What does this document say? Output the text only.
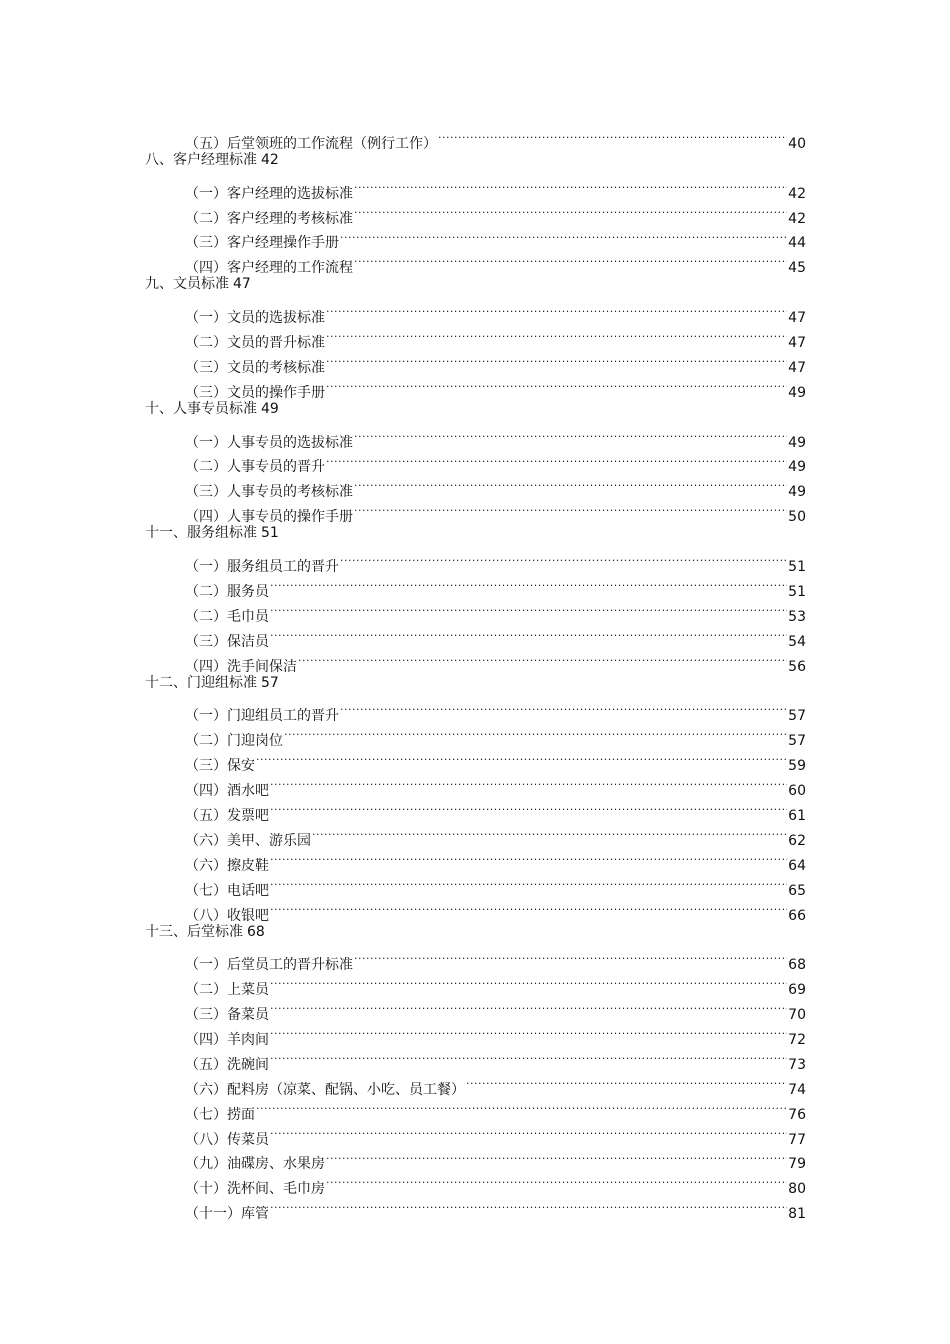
（五）后堂领班的工作流程（例行工作） .....	40
八、客户经理标准 42
（一）客户经理的选拔标准 .....	42
（二）客户经理的考核标准 .....	42
（三）客户经理操作手册 .....	44
（四）客户经理的工作流程 .....	45
九、文员标准 47
（一）文员的选拔标准 .....	47
（二）文员的晋升标准 .....	47
（三）文员的考核标准 .....	47
（三）文员的操作手册 .....	49
十、人事专员标准 49
（一）人事专员的选拔标准 .....	49
（二）人事专员的晋升 .....	49
（三）人事专员的考核标准 .....	49
（四）人事专员的操作手册 .....	50
十一、服务组标准 51
（一）服务组员工的晋升 .....	51
（二）服务员 .....	51
（二）毛巾员 .....	53
（三）保洁员 .....	54
（四）洗手间保洁 .....	56
十二、门迎组标准 57
（一）门迎组员工的晋升 .....	57
（二）门迎岗位 .....	57
（三）保安 .....	59
（四）酒水吧 .....	60
（五）发票吧 .....	61
（六）美甲、游乐园 .....	62
（六）擦皮鞋 .....	64
（七）电话吧 .....	65
（八）收银吧 .....	66
十三、后堂标准 68
（一）后堂员工的晋升标准 .....	68
（二）上菜员 .....	69
（三）备菜员 .....	70
（四）羊肉间 .....	72
（五）洗碗间 .....	73
（六）配料房（凉菜、配锅、小吃、员工餐） .....	74
（七）捞面 .....	76
（八）传菜员 .....	77
（九）油碟房、水果房 .....	79
（十）洗杯间、毛巾房 .....	80
（十一）库管 .....	81
